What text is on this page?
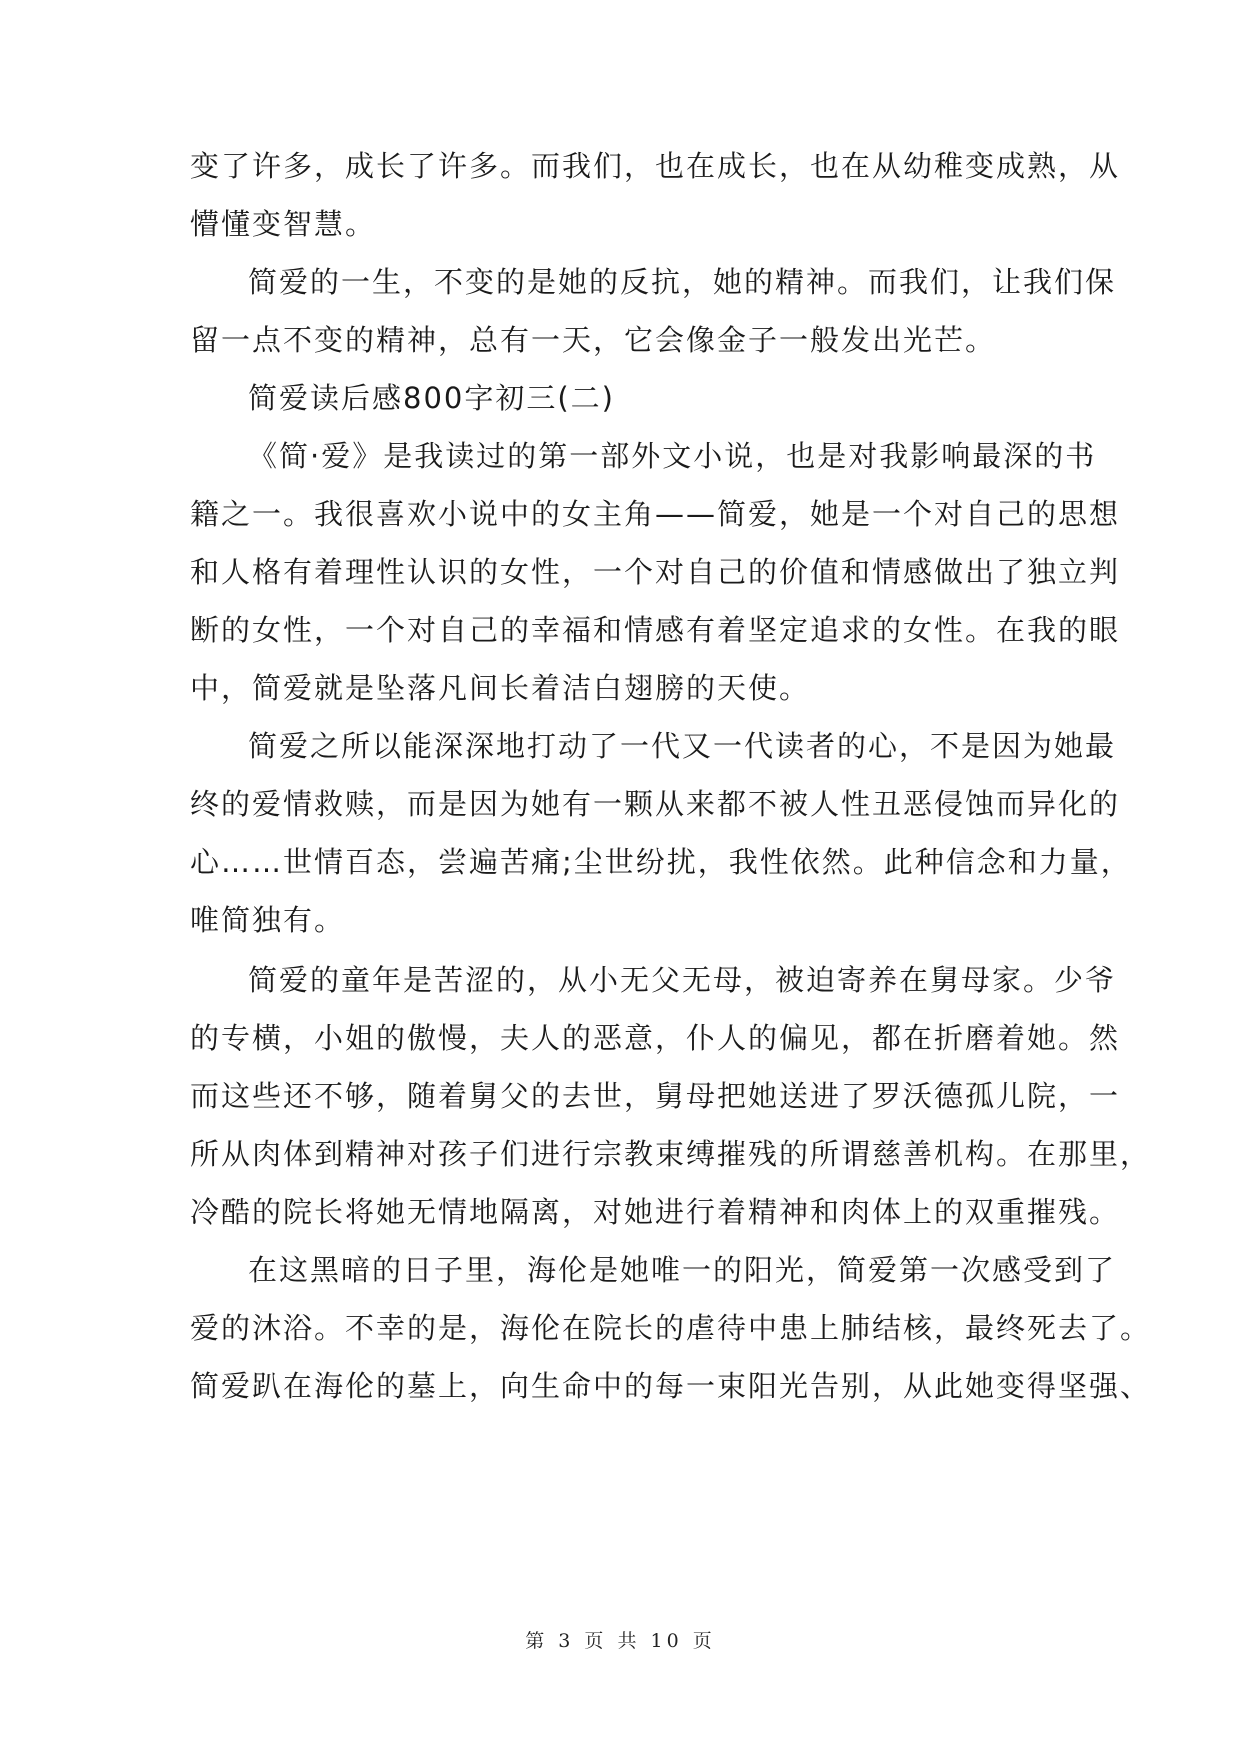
变了许多，成长了许多。而我们，也在成长，也在从幼稚变成熟，从
懵懂变智慧。
简爱的一生，不变的是她的反抗，她的精神。而我们，让我们保
留一点不变的精神，总有一天，它会像金子一般发出光芒。
简爱读后感800字初三(二)
《简·爱》是我读过的第一部外文小说，也是对我影响最深的书
籍之一。我很喜欢小说中的女主角——简爱，她是一个对自己的思想
和人格有着理性认识的女性，一个对自己的价值和情感做出了独立判
断的女性，一个对自己的幸福和情感有着坚定追求的女性。在我的眼
中，简爱就是坠落凡间长着洁白翅膀的天使。
简爱之所以能深深地打动了一代又一代读者的心，不是因为她最
终的爱情救赎，而是因为她有一颗从来都不被人性丑恶侵蚀而异化的
心……世情百态，尝遍苦痛;尘世纷扰，我性依然。此种信念和力量，
唯简独有。
简爱的童年是苦涩的，从小无父无母，被迫寄养在舅母家。少爷
的专横，小姐的傲慢，夫人的恶意，仆人的偏见，都在折磨着她。然
而这些还不够，随着舅父的去世，舅母把她送进了罗沃德孤儿院，一
所从肉体到精神对孩子们进行宗教束缚摧残的所谓慈善机构。在那里，
冷酷的院长将她无情地隔离，对她进行着精神和肉体上的双重摧残。
在这黑暗的日子里，海伦是她唯一的阳光，简爱第一次感受到了
爱的沐浴。不幸的是，海伦在院长的虐待中患上肺结核，最终死去了。
简爱趴在海伦的墓上，向生命中的每一束阳光告别，从此她变得坚强、
第 3 页 共 10 页
